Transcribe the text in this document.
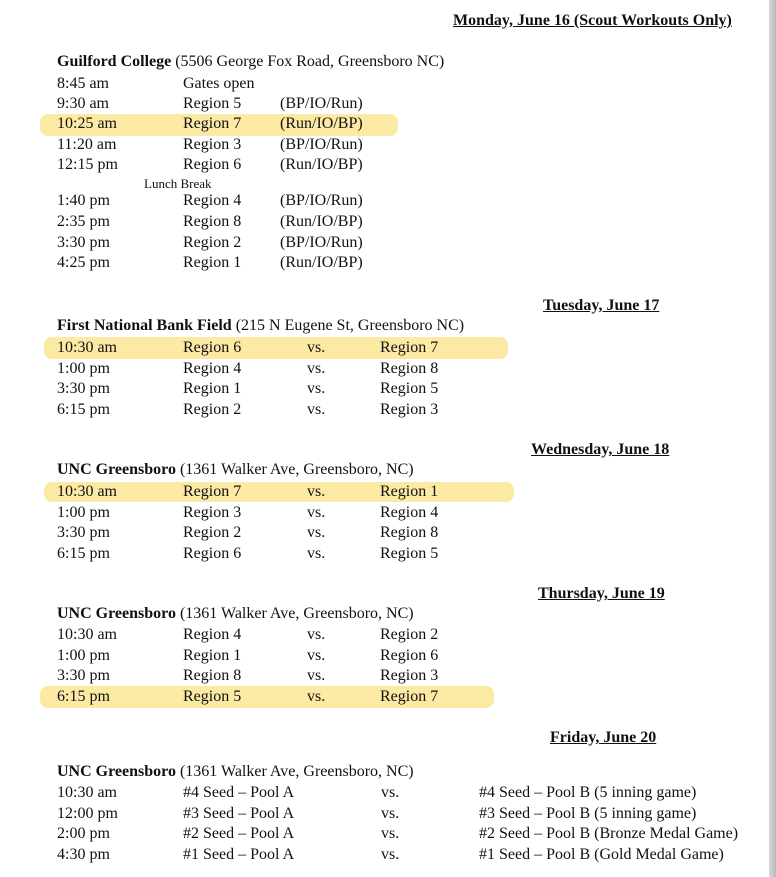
Monday, June 16 (Scout Workouts Only)
Guilford College (5506 George Fox Road, Greensboro NC)
8:45 am	Gates open
9:30 am	Region 5 (BP/IO/Run)
10:25 am	Region 7 (Run/IO/BP)
11:20 am	Region 3 (BP/IO/Run)
12:15 pm	Region 6 (Run/IO/BP)
1:40 pm	Region 4 (BP/IO/Run)
2:35 pm	Region 8 (Run/IO/BP)
3:30 pm	Region 2 (BP/IO/Run)
4:25 pm	Region 1 (Run/IO/BP)
Lunch Break
Tuesday, June 17
First National Bank Field (215 N Eugene St, Greensboro NC)
10:30 am	Region 6	vs.	Region 7
1:00 pm	Region 4	vs.	Region 8
3:30 pm	Region 1	vs.	Region 5
6:15 pm	Region 2	vs.	Region 3
Wednesday, June 18
UNC Greensboro (1361 Walker Ave, Greensboro, NC)
10:30 am	Region 7	vs.	Region 1
1:00 pm	Region 3	vs.	Region 4
3:30 pm	Region 2	vs.	Region 8
6:15 pm	Region 6	vs.	Region 5
Thursday, June 19
UNC Greensboro (1361 Walker Ave, Greensboro, NC)
10:30 am	Region 4	vs.	Region 2
1:00 pm	Region 1	vs.	Region 6
3:30 pm	Region 8	vs.	Region 3
6:15 pm	Region 5	vs.	Region 7
Friday, June 20
UNC Greensboro (1361 Walker Ave, Greensboro, NC)
10:30 am	#4 Seed – Pool A	vs.	#4 Seed – Pool B (5 inning game)
12:00 pm	#3 Seed – Pool A	vs.	#3 Seed – Pool B (5 inning game)
2:00 pm	#2 Seed – Pool A	vs.	#2 Seed – Pool B (Bronze Medal Game)
4:30 pm	#1 Seed – Pool A	vs.	#1 Seed – Pool B (Gold Medal Game)
